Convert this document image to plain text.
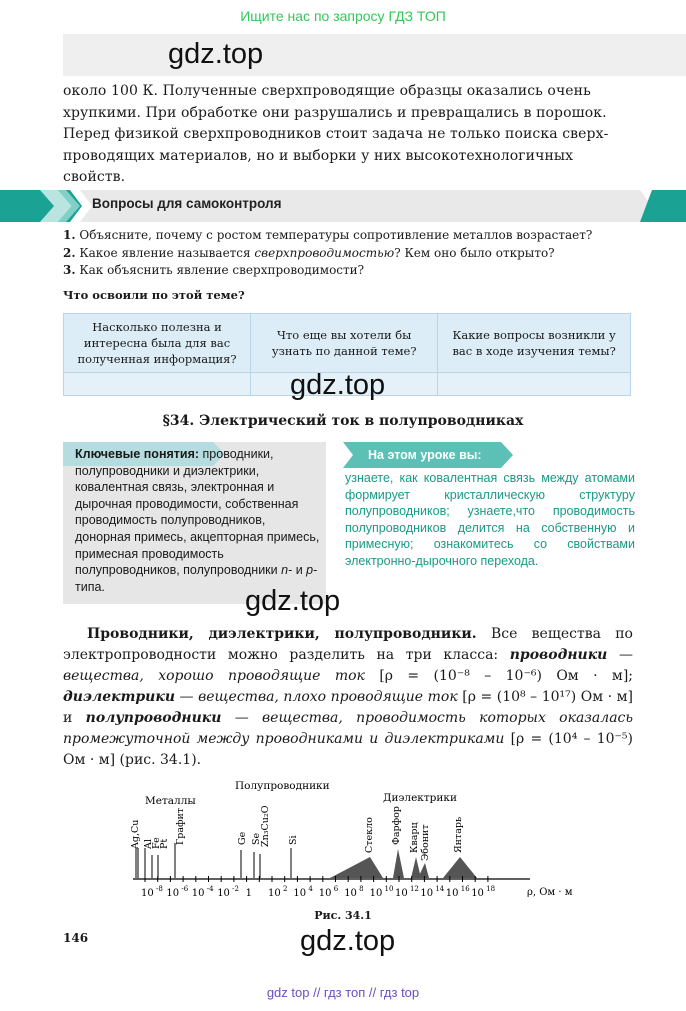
Ищите нас по запросу ГДЗ ТОП
gdz.top

около 100 К. Полученные сверхпроводящие образцы оказались очень

хрупкими. При обработке они разрушались и превращались в порошок.

Перед физикой сверхпроводников стоит задача не только поиска сверх-

проводящих материалов, но и выборки у них высокотехнологичных

свойств.

Вопросы для самоконтроля
1. Объясните, почему с ростом температуры сопротивление металлов возрастает?
2. Какое явление называется сверхпроводимостью? Кем оно было открыто?
3. Как объяснить явление сверхпроводимости?
Что освоили по этой теме?
Насколько полезна и интересна была для вас полученная информация?	Что еще вы хотели бы узнать по данной теме?	Какие вопросы возникли у вас в ходе изучения темы?

gdz.top
§34. Электрический ток в полупроводниках
Ключевые понятия: проводники, полупроводники и диэлектрики, ковалентная связь, электронная и дырочная проводимости, собственная проводимость полупроводников, донорная примесь, акцепторная примесь, примесная проводимость полупроводников, полупроводники n- и p-типа.
На этом уроке вы:
узнаете, как ковалентная связь между атомами формирует кристаллическую структуру полупроводников; узнаете,что проводимость полупроводников делится на собственную и примесную; ознакомитесь со свойствами электронно-дырочного перехода.
gdz.top
Проводники, диэлектрики, полупроводники. Все вещества по электропроводности можно разделить на три класса: проводники — вещества, хорошо проводящие ток [ρ = (10⁻⁸ – 10⁻⁶) Ом · м]; диэлектрики — вещества, плохо проводящие ток [ρ = (10⁸ – 10¹⁷) Ом · м] и полупроводники — вещества, проводимость которых оказалась промежуточной между проводниками и диэлектриками [ρ = (10⁴ – 10⁻⁵) Ом · м] (рис. 34.1).
Металлы
Полупроводники
Диэлектрики
Ag,Cu Al
Fe
Pt Графит	Ge Se
Zn₃Cu₂O Si	Стекло Фарфор Кварц Эбонит Янтарь
10 $^{-8}$ 10 $^{-6}$ 10 $^{-4}$ 10 $^{-2}$ 1 10 $^2$ 10 $^4$ 10 $^6$ 10 $^8$ 10 $^{10}$ 10 $^{12}$ 10 $^{14}$ 10 $^{16}$ 10 $^{18}$	ρ, Ом · м
Рис. 34.1
146	gdz.top
gdz top // гдз топ // гдз top
